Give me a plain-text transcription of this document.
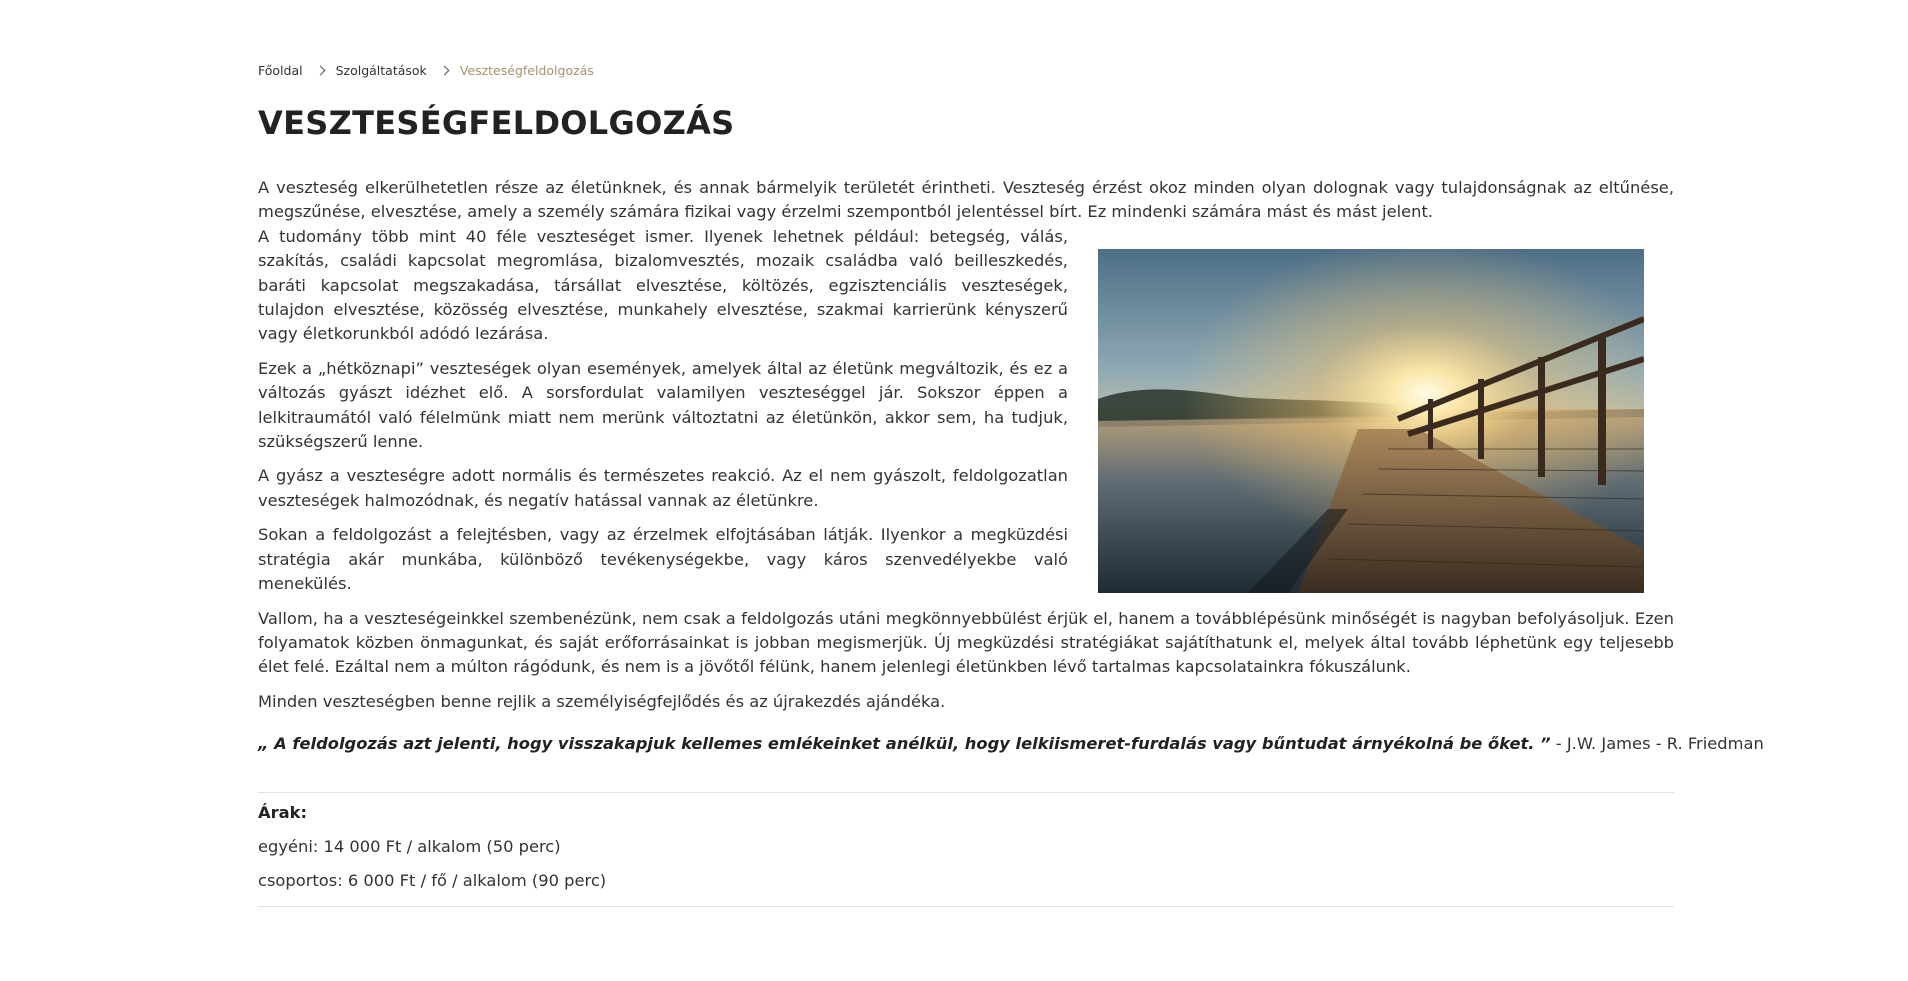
Főoldal	Szolgáltatások	Veszteségfeldolgozás
VESZTESÉGFELDOLGOZÁS

A veszteség elkerülhetetlen része az életünknek, és annak bármelyik területét érintheti. Veszteség érzést okoz minden olyan dolognak vagy tulajdonságnak az eltűnése, megszűnése, elvesztése, amely a személy számára fizikai vagy érzelmi szempontból jelentéssel bírt. Ez mindenki számára mást és mást jelent.

A tudomány több mint 40 féle veszteséget ismer. Ilyenek lehetnek például: betegség, válás, szakítás, családi kapcsolat megromlása, bizalomvesztés, mozaik családba való beilleszkedés, baráti kapcsolat megszakadása, társállat elvesztése, költözés, egzisztenciális veszteségek, tulajdon elvesztése, közösség elvesztése, munkahely elvesztése, szakmai karrierünk kényszerű vagy életkorunkból adódó lezárása.

Ezek a „hétköznapi” veszteségek olyan események, amelyek által az életünk megváltozik, és ez a változás gyászt idézhet elő. A sorsfordulat valamilyen veszteséggel jár. Sokszor éppen a lelkitraumától való félelmünk miatt nem merünk változtatni az életünkön, akkor sem, ha tudjuk, szükségszerű lenne.

A gyász a veszteségre adott normális és természetes reakció. Az el nem gyászolt, feldolgozatlan veszteségek halmozódnak, és negatív hatással vannak az életünkre.

Sokan a feldolgozást a felejtésben, vagy az érzelmek elfojtásában látják. Ilyenkor a megküzdési stratégia akár munkába, különböző tevékenységekbe, vagy káros szenvedélyekbe való menekülés.

Vallom, ha a veszteségeinkkel szembenézünk, nem csak a feldolgozás utáni megkönnyebbülést érjük el, hanem a továbblépésünk minőségét is nagyban befolyásoljuk. Ezen folyamatok közben önmagunkat, és saját erőforrásainkat is jobban megismerjük. Új megküzdési stratégiákat sajátíthatunk el, melyek által tovább léphetünk egy teljesebb élet felé. Ezáltal nem a múlton rágódunk, és nem is a jövőtől félünk, hanem jelenlegi életünkben lévő tartalmas kapcsolatainkra fókuszálunk.

Minden veszteségben benne rejlik a személyiségfejlődés és az újrakezdés ajándéka.

„ A feldolgozás azt jelenti, hogy visszakapjuk kellemes emlékeinket anélkül, hogy lelkiismeret-furdalás vagy bűntudat árnyékolná be őket. ” - J.W. James - R. Friedman
Árak:
egyéni: 14 000 Ft / alkalom (50 perc)
csoportos: 6 000 Ft / fő / alkalom (90 perc)
